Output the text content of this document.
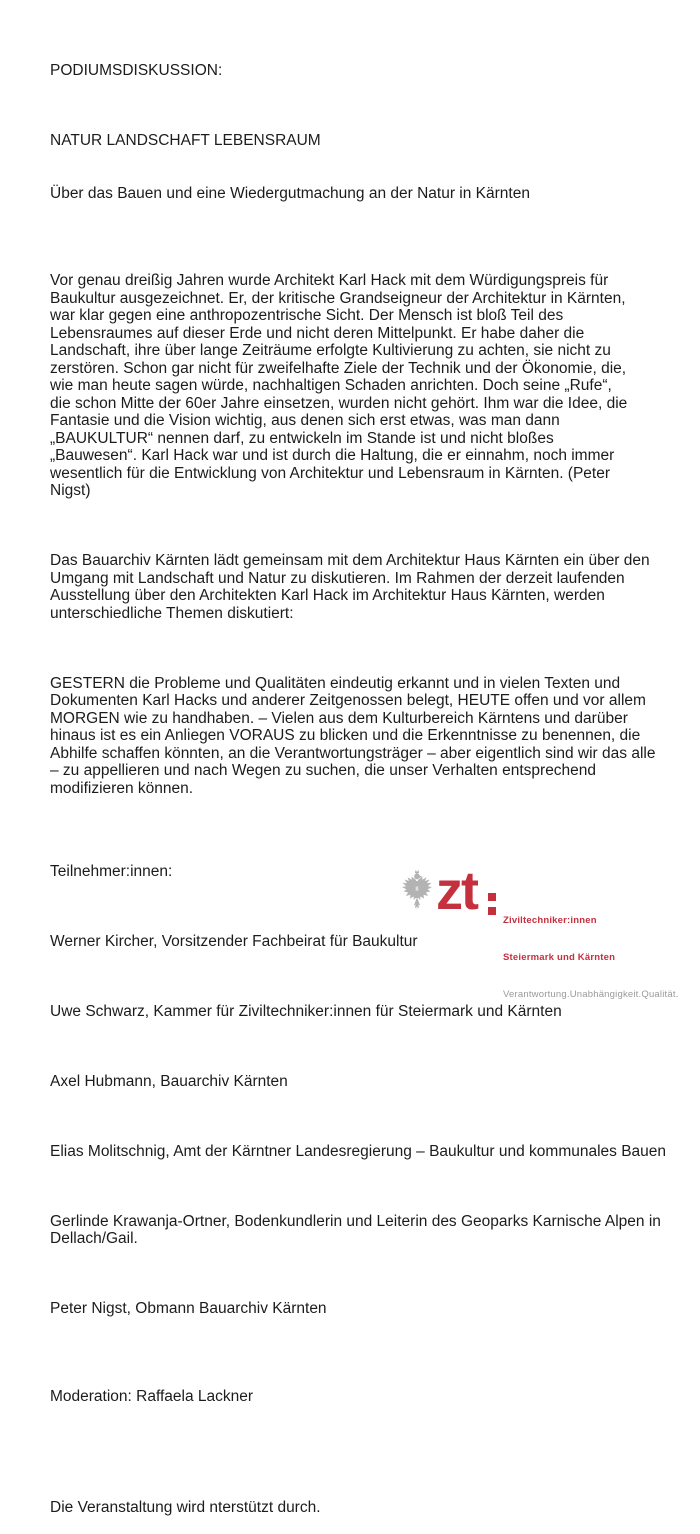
PODIUMSDISKUSSION:

NATUR LANDSCHAFT LEBENSRAUM

Über das Bauen und eine Wiedergutmachung an der Natur in Kärnten

Vor genau dreißig Jahren wurde Architekt Karl Hack mit dem Würdigungspreis für
Baukultur ausgezeichnet. Er, der kritische Grandseigneur der Architektur in Kärnten,
war klar gegen eine anthropozentrische Sicht. Der Mensch ist bloß Teil des
Lebensraumes auf dieser Erde und nicht deren Mittelpunkt. Er habe daher die
Landschaft, ihre über lange Zeiträume erfolgte Kultivierung zu achten, sie nicht zu
zerstören. Schon gar nicht für zweifelhafte Ziele der Technik und der Ökonomie, die,
wie man heute sagen würde, nachhaltigen Schaden anrichten. Doch seine „Rufe“,
die schon Mitte der 60er Jahre einsetzen, wurden nicht gehört. Ihm war die Idee, die
Fantasie und die Vision wichtig, aus denen sich erst etwas, was man dann
„BAUKULTUR“ nennen darf, zu entwickeln im Stande ist und nicht bloßes
„Bauwesen“. Karl Hack war und ist durch die Haltung, die er einnahm, noch immer
wesentlich für die Entwicklung von Architektur und Lebensraum in Kärnten. (Peter
Nigst)

Das Bauarchiv Kärnten lädt gemeinsam mit dem Architektur Haus Kärnten ein über den
Umgang mit Landschaft und Natur zu diskutieren. Im Rahmen der derzeit laufenden
Ausstellung über den Architekten Karl Hack im Architektur Haus Kärnten, werden
unterschiedliche Themen diskutiert:

GESTERN die Probleme und Qualitäten eindeutig erkannt und in vielen Texten und
Dokumenten Karl Hacks und anderer Zeitgenossen belegt, HEUTE offen und vor allem
MORGEN wie zu handhaben. – Vielen aus dem Kulturbereich Kärntens und darüber
hinaus ist es ein Anliegen VORAUS zu blicken und die Erkenntnisse zu benennen, die
Abhilfe schaffen könnten, an die Verantwortungsträger – aber eigentlich sind wir das alle
– zu appellieren und nach Wegen zu suchen, die unser Verhalten entsprechend
modifizieren können.

Teilnehmer:innen:

Werner Kircher, Vorsitzender Fachbeirat für Baukultur

Uwe Schwarz, Kammer für Ziviltechniker:innen für Steiermark und Kärnten

Axel Hubmann, Bauarchiv Kärnten

Elias Molitschnig, Amt der Kärntner Landesregierung – Baukultur und kommunales Bauen

Gerlinde Krawanja-Ortner, Bodenkundlerin und Leiterin des Geoparks Karnische Alpen in
Dellach/Gail.

Peter Nigst, Obmann Bauarchiv Kärnten

Moderation: Raffaela Lackner

Die Veranstaltung wird nterstützt durch.

zt

	Ziviltechniker:innen

Steiermark und Kärnten

Verantwortung.Unabhängigkeit.Qualität.
